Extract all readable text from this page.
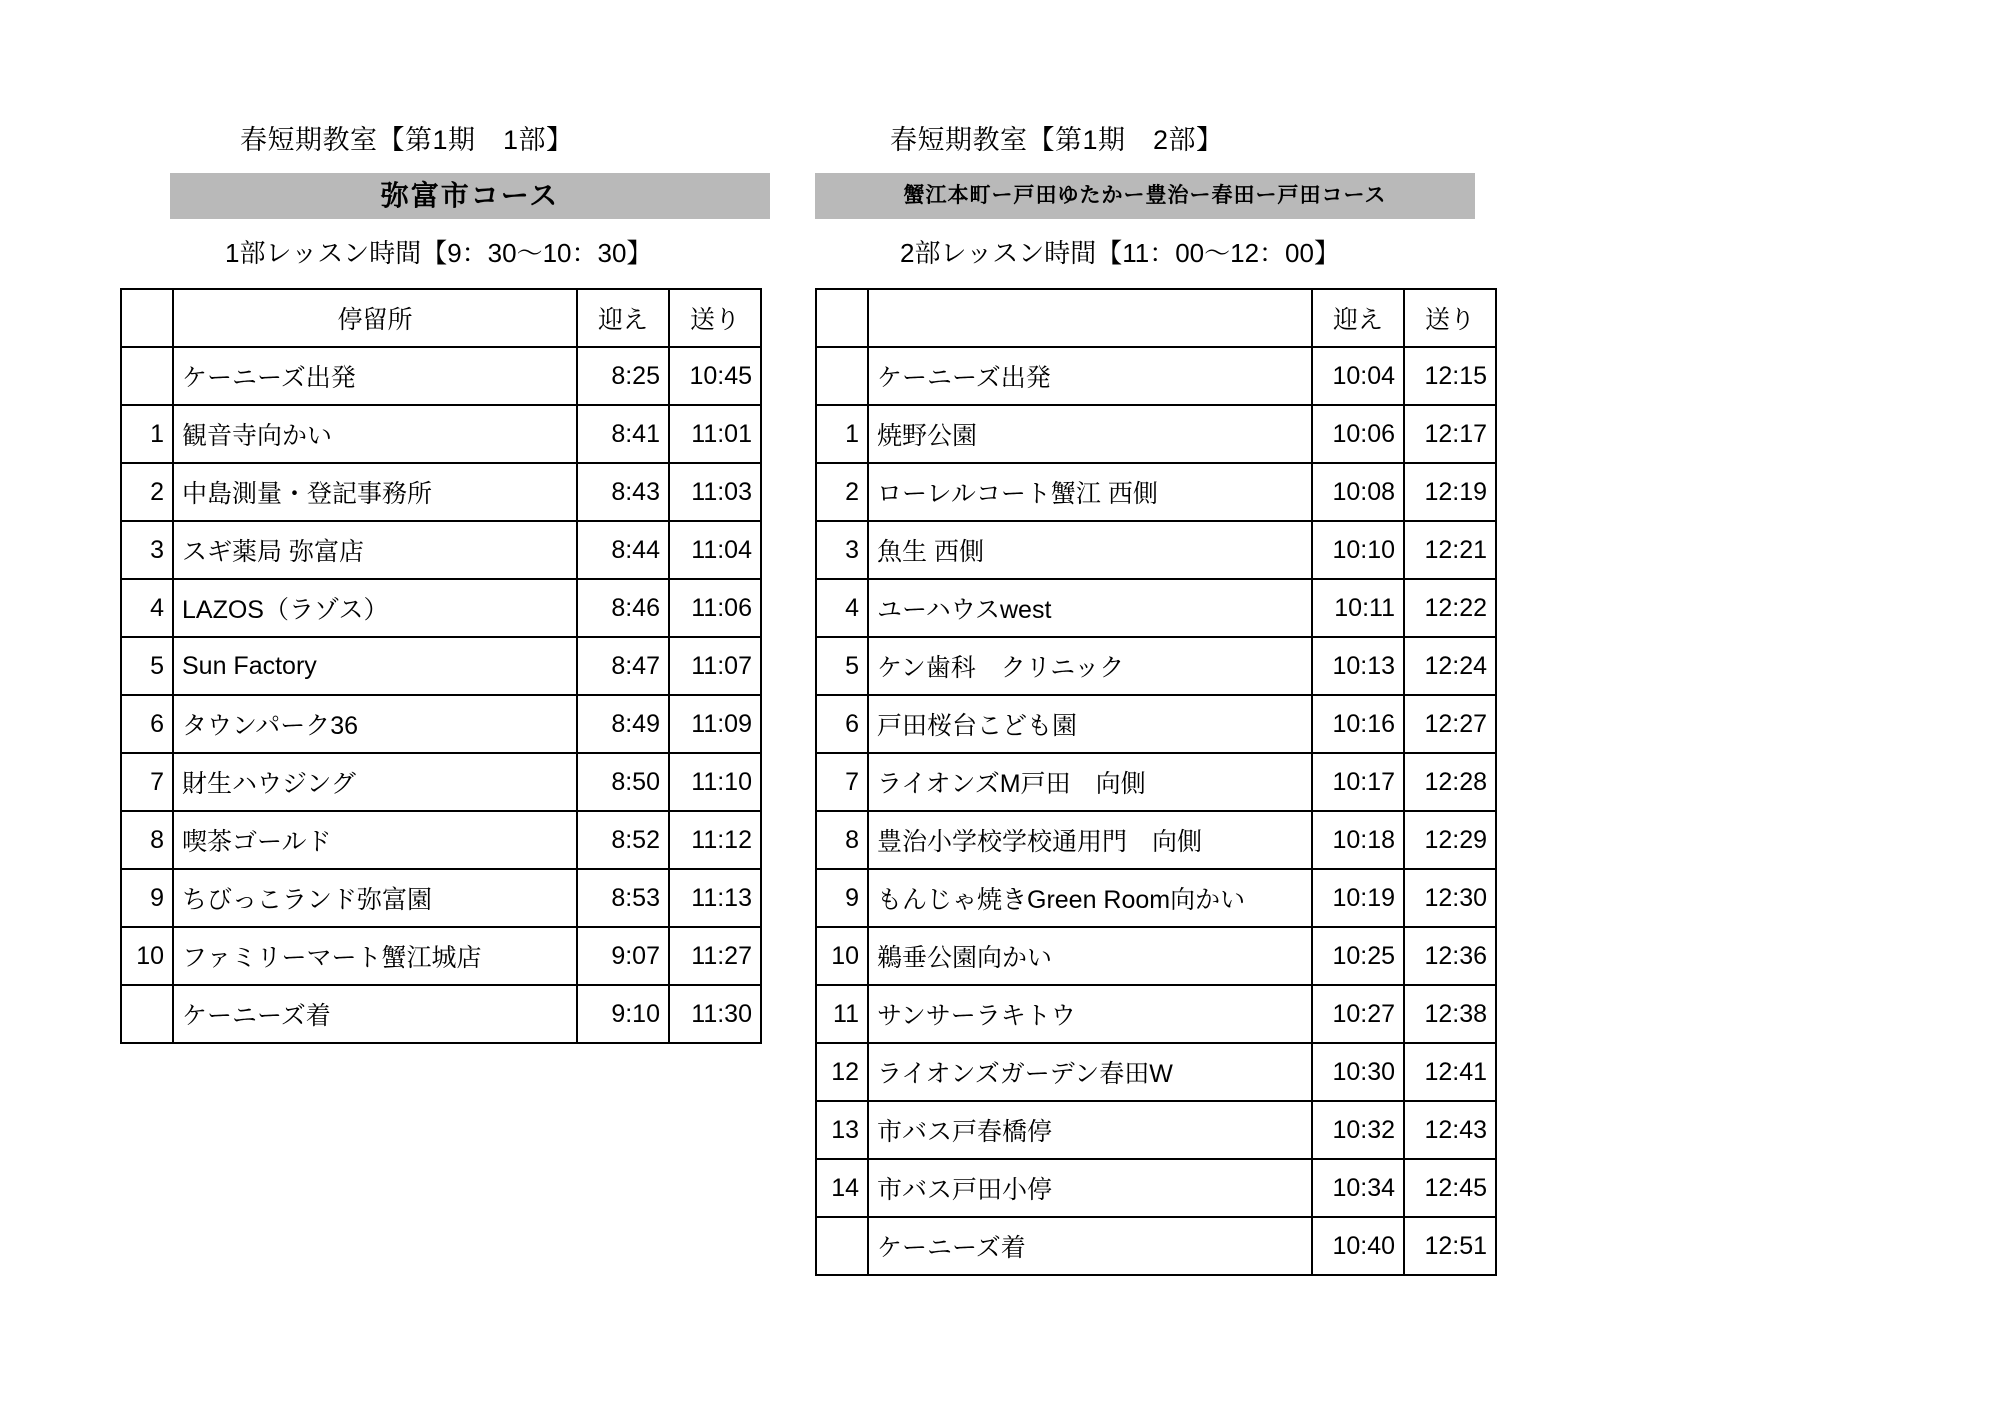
春短期教室【第1期　1部】
弥富市コース
1部レッスン時間【9：30〜10：30】
	停留所	迎え	送り
	ケーニーズ出発	8:25	10:45
1	観音寺向かい	8:41	11:01
2	中島測量・登記事務所	8:43	11:03
3	スギ薬局 弥富店	8:44	11:04
4	LAZOS（ラゾス）	8:46	11:06
5	Sun Factory	8:47	11:07
6	タウンパーク36	8:49	11:09
7	財生ハウジング	8:50	11:10
8	喫茶ゴールド	8:52	11:12
9	ちびっこランド弥富園	8:53	11:13
10	ファミリーマート蟹江城店	9:07	11:27
	ケーニーズ着	9:10	11:30
春短期教室【第1期　2部】
蟹江本町ー戸田ゆたかー豊治ー春田ー戸田コース
2部レッスン時間【11：00〜12：00】
		迎え	送り
	ケーニーズ出発	10:04	12:15
1	焼野公園	10:06	12:17
2	ローレルコート蟹江 西側	10:08	12:19
3	魚生 西側	10:10	12:21
4	ユーハウスwest	10:11	12:22
5	ケン歯科　クリニック	10:13	12:24
6	戸田桜台こども園	10:16	12:27
7	ライオンズM戸田　向側	10:17	12:28
8	豊治小学校学校通用門　向側	10:18	12:29
9	もんじゃ焼きGreen Room向かい	10:19	12:30
10	鵜垂公園向かい	10:25	12:36
11	サンサーラキトウ	10:27	12:38
12	ライオンズガーデン春田W	10:30	12:41
13	市バス戸春橋停	10:32	12:43
14	市バス戸田小停	10:34	12:45
	ケーニーズ着	10:40	12:51
